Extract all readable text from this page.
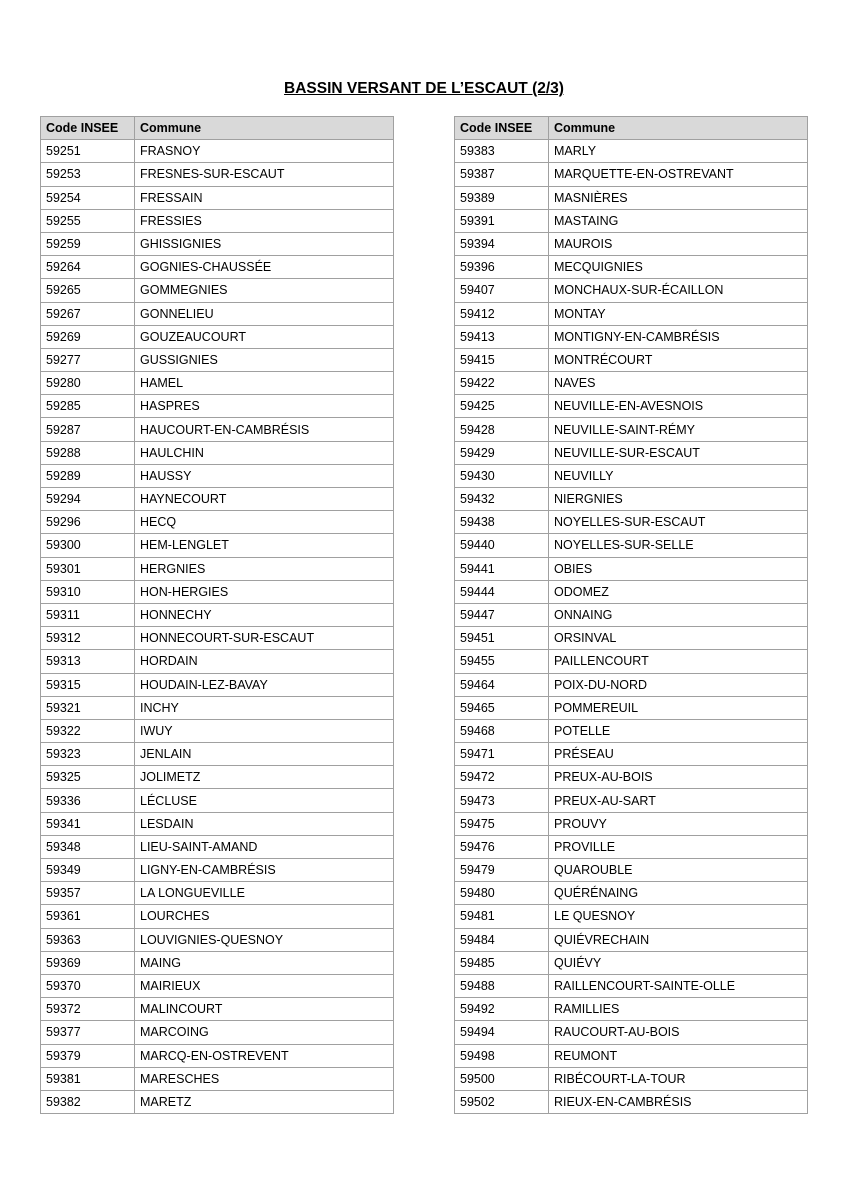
BASSIN VERSANT DE L’ESCAUT (2/3)
Code INSEE	Commune
59251	FRASNOY
59253	FRESNES-SUR-ESCAUT
59254	FRESSAIN
59255	FRESSIES
59259	GHISSIGNIES
59264	GOGNIES-CHAUSSÉE
59265	GOMMEGNIES
59267	GONNELIEU
59269	GOUZEAUCOURT
59277	GUSSIGNIES
59280	HAMEL
59285	HASPRES
59287	HAUCOURT-EN-CAMBRÉSIS
59288	HAULCHIN
59289	HAUSSY
59294	HAYNECOURT
59296	HECQ
59300	HEM-LENGLET
59301	HERGNIES
59310	HON-HERGIES
59311	HONNECHY
59312	HONNECOURT-SUR-ESCAUT
59313	HORDAIN
59315	HOUDAIN-LEZ-BAVAY
59321	INCHY
59322	IWUY
59323	JENLAIN
59325	JOLIMETZ
59336	LÉCLUSE
59341	LESDAIN
59348	LIEU-SAINT-AMAND
59349	LIGNY-EN-CAMBRÉSIS
59357	LA LONGUEVILLE
59361	LOURCHES
59363	LOUVIGNIES-QUESNOY
59369	MAING
59370	MAIRIEUX
59372	MALINCOURT
59377	MARCOING
59379	MARCQ-EN-OSTREVENT
59381	MARESCHES
59382	MARETZ
Code INSEE	Commune
59383	MARLY
59387	MARQUETTE-EN-OSTREVANT
59389	MASNIÈRES
59391	MASTAING
59394	MAUROIS
59396	MECQUIGNIES
59407	MONCHAUX-SUR-ÉCAILLON
59412	MONTAY
59413	MONTIGNY-EN-CAMBRÉSIS
59415	MONTRÉCOURT
59422	NAVES
59425	NEUVILLE-EN-AVESNOIS
59428	NEUVILLE-SAINT-RÉMY
59429	NEUVILLE-SUR-ESCAUT
59430	NEUVILLY
59432	NIERGNIES
59438	NOYELLES-SUR-ESCAUT
59440	NOYELLES-SUR-SELLE
59441	OBIES
59444	ODOMEZ
59447	ONNAING
59451	ORSINVAL
59455	PAILLENCOURT
59464	POIX-DU-NORD
59465	POMMEREUIL
59468	POTELLE
59471	PRÉSEAU
59472	PREUX-AU-BOIS
59473	PREUX-AU-SART
59475	PROUVY
59476	PROVILLE
59479	QUAROUBLE
59480	QUÉRÉNAING
59481	LE QUESNOY
59484	QUIÉVRECHAIN
59485	QUIÉVY
59488	RAILLENCOURT-SAINTE-OLLE
59492	RAMILLIES
59494	RAUCOURT-AU-BOIS
59498	REUMONT
59500	RIBÉCOURT-LA-TOUR
59502	RIEUX-EN-CAMBRÉSIS
